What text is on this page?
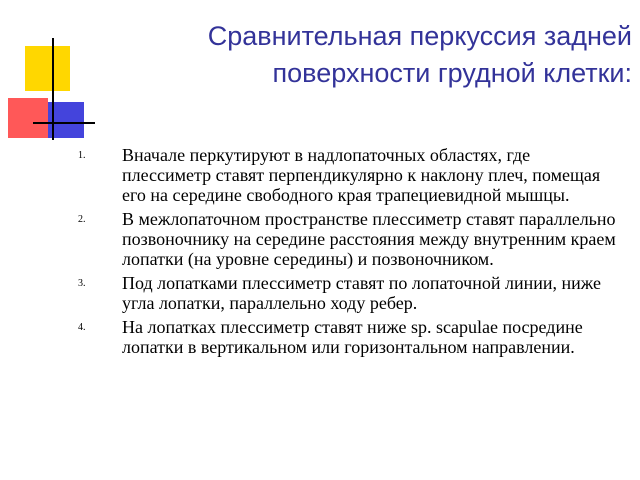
Сравнительная перкуссия задней
поверхности грудной клетки:
1. Вначале перкутируют в надлопаточных областях, где плессиметр ставят перпендикулярно к наклону плеч, помещая его на середине свободного края трапециевидной мышцы.
2. В межлопаточном пространстве плессиметр ставят параллельно позвоночнику на середине расстояния между внутренним краем лопатки (на уровне середины) и позвоночником.
3. Под лопатками плессиметр ставят по лопаточной линии, ниже угла лопатки, параллельно ходу ребер.
4. На лопатках плессиметр ставят ниже sp. scapulae посредине лопатки в вертикальном или горизонтальном направлении.
